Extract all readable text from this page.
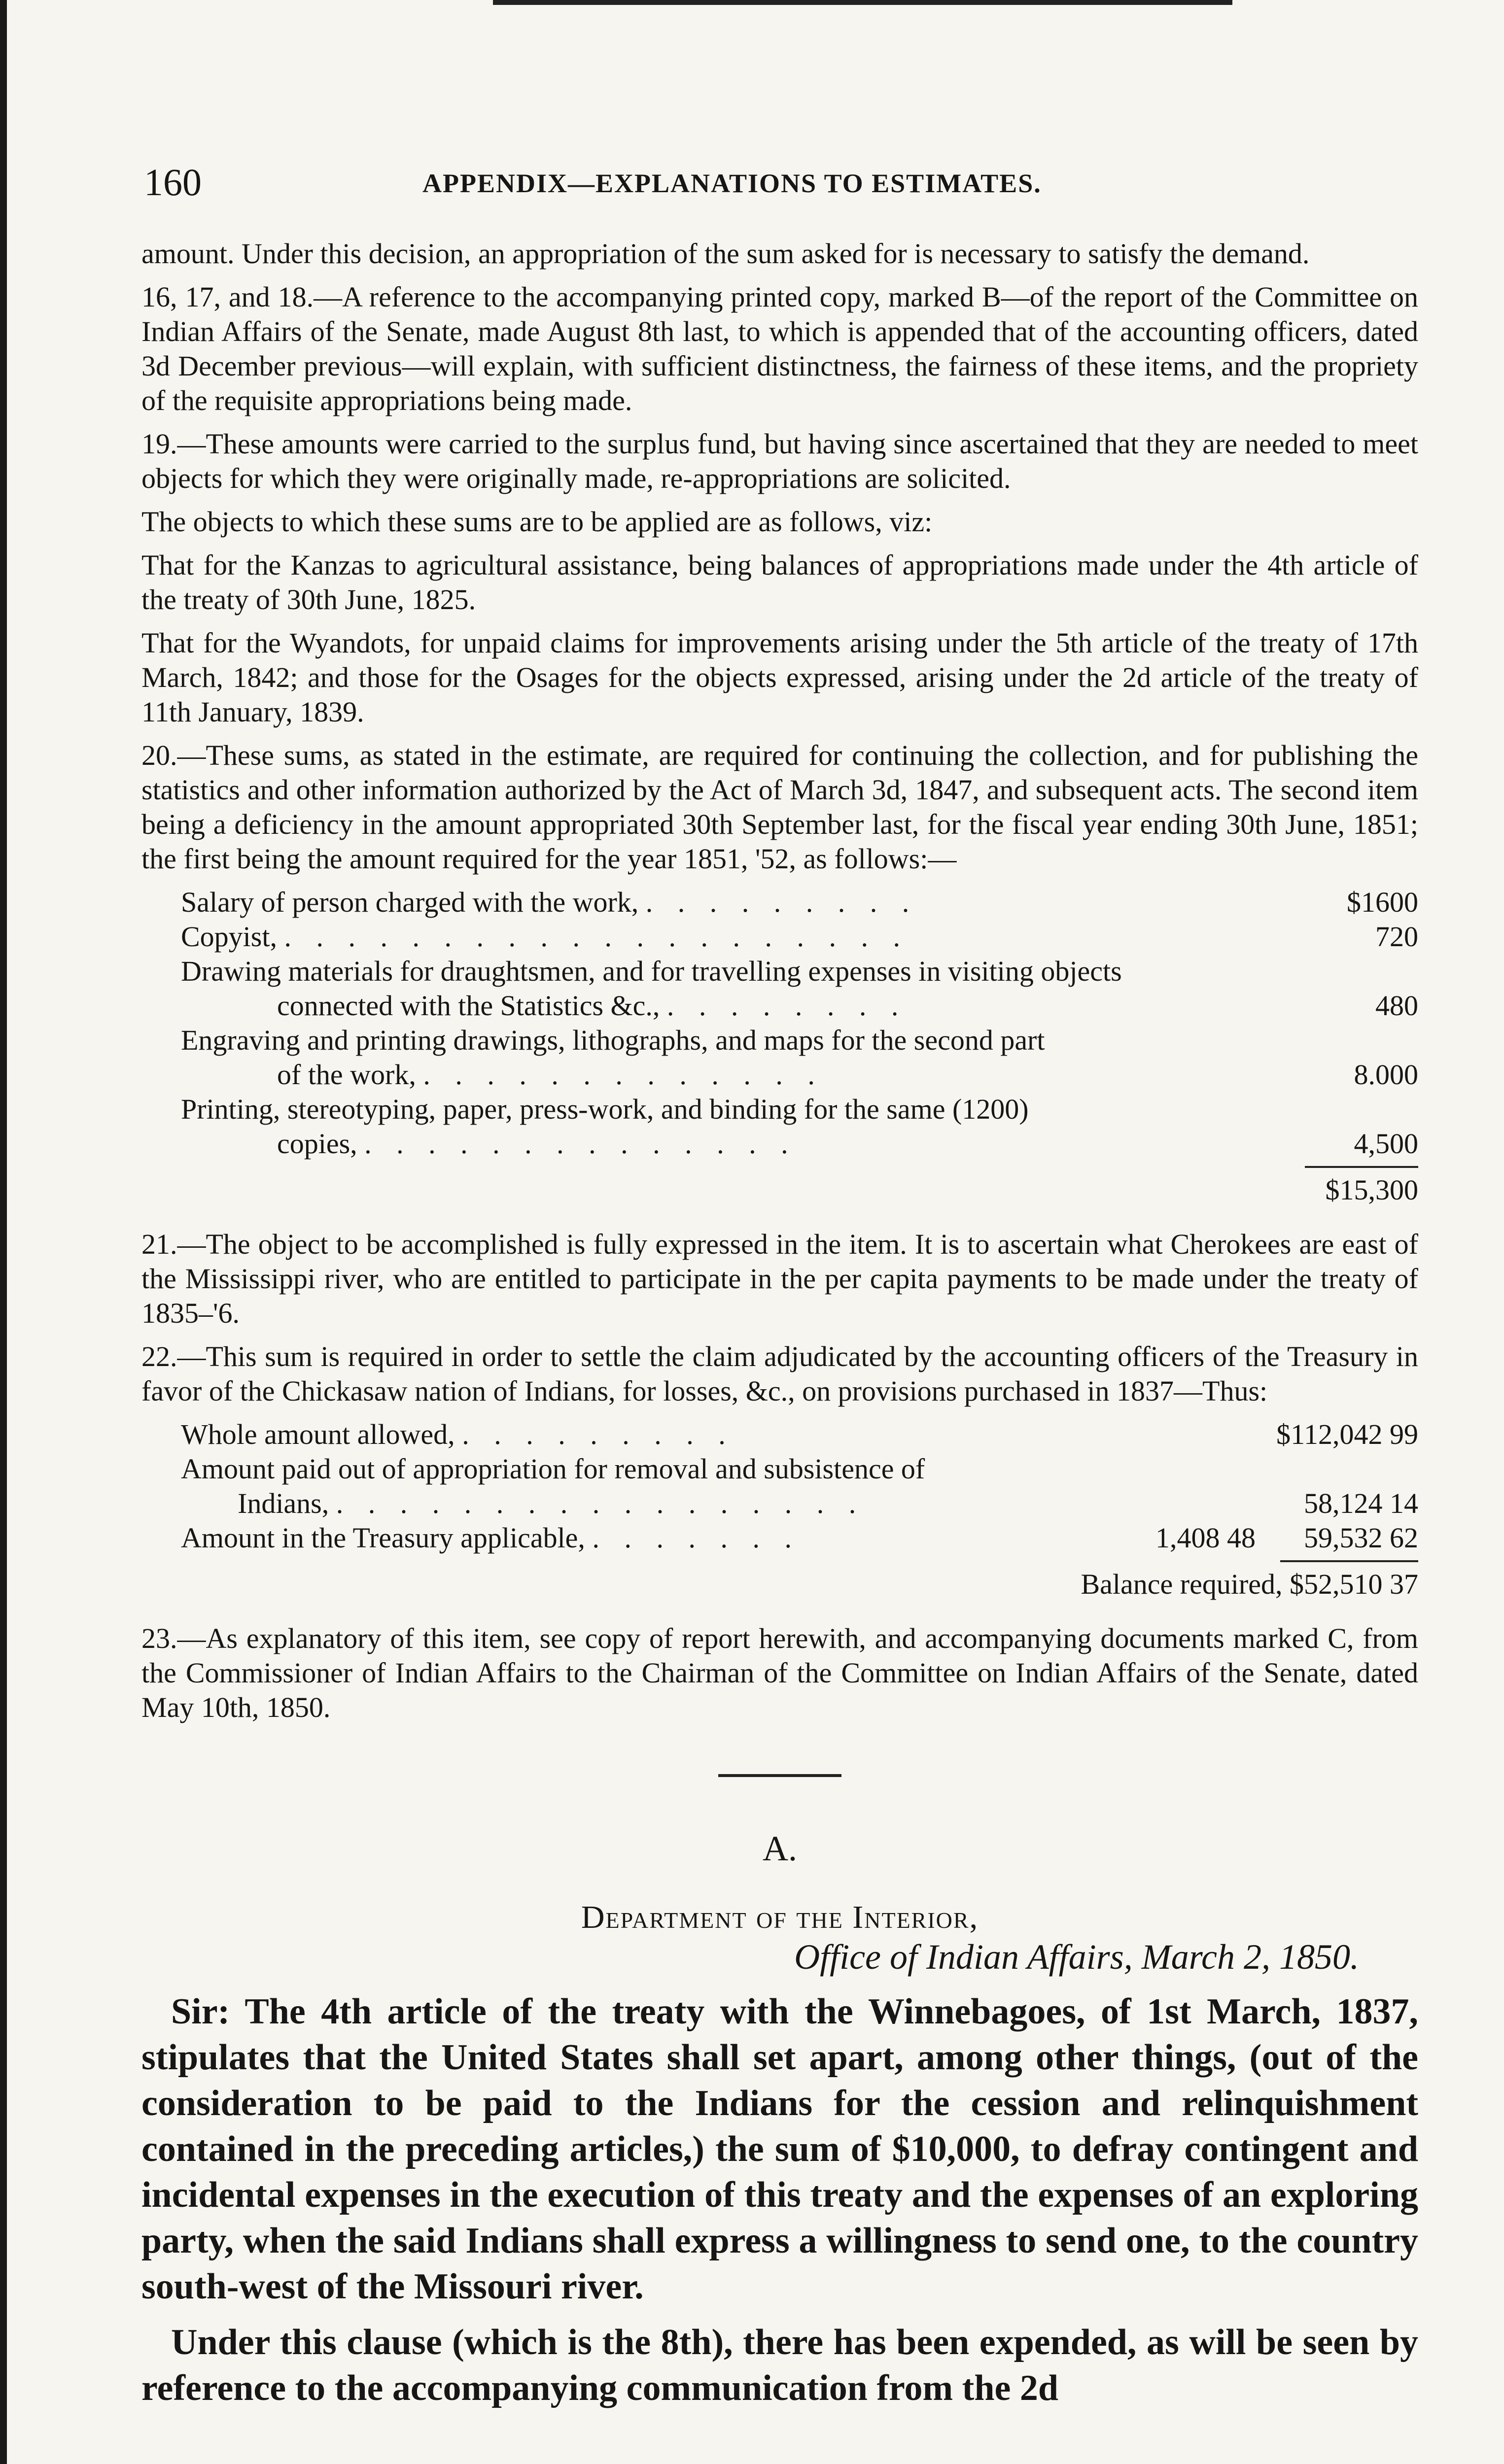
160	APPENDIX—EXPLANATIONS TO ESTIMATES.

amount. Under this decision, an appropriation of the sum asked for is necessary to satisfy the demand.

16, 17, and 18.—A reference to the accompanying printed copy, marked B—of the report of the Committee on Indian Affairs of the Senate, made August 8th last, to which is appended that of the accounting officers, dated 3d December previous—will explain, with sufficient distinctness, the fairness of these items, and the propriety of the requisite appropriations being made.

19.—These amounts were carried to the surplus fund, but having since ascertained that they are needed to meet objects for which they were originally made, re-appropriations are solicited.

The objects to which these sums are to be applied are as follows, viz:

That for the Kanzas to agricultural assistance, being balances of appropriations made under the 4th article of the treaty of 30th June, 1825.

That for the Wyandots, for unpaid claims for improvements arising under the 5th article of the treaty of 17th March, 1842; and those for the Osages for the objects expressed, arising under the 2d article of the treaty of 11th January, 1839.

20.—These sums, as stated in the estimate, are required for continuing the collection, and for publishing the statistics and other information authorized by the Act of March 3d, 1847, and subsequent acts. The second item being a deficiency in the amount appropriated 30th September last, for the fiscal year ending 30th June, 1851; the first being the amount required for the year 1851, '52, as follows:—

Salary of person charged with the work, . . . . . . . . .	$1600
Copyist, . . . . . . . . . . . . . . . . . . . .	720
Drawing materials for draughtsmen, and for travelling expenses in visiting objects
connected with the Statistics &c., . . . . . . . .	480
Engraving and printing drawings, lithographs, and maps for the second part
of the work, . . . . . . . . . . . . .	8.000
Printing, stereotyping, paper, press-work, and binding for the same (1200)
copies, . . . . . . . . . . . . . .	4,500
$15,300

21.—The object to be accomplished is fully expressed in the item. It is to ascertain what Cherokees are east of the Mississippi river, who are entitled to participate in the per capita payments to be made under the treaty of 1835–'6.

22.—This sum is required in order to settle the claim adjudicated by the accounting officers of the Treasury in favor of the Chickasaw nation of Indians, for losses, &c., on provisions purchased in 1837—Thus:

Whole amount allowed, . . . . . . . . .	$112,042 99
Amount paid out of appropriation for removal and subsistence of
Indians, . . . . . . . . . . . . . . . . .	58,124 14
Amount in the Treasury applicable, . . . . . . .	1,408 48	59,532 62
Balance required, $52,510 37

23.—As explanatory of this item, see copy of report herewith, and accompanying documents marked C, from the Commissioner of Indian Affairs to the Chairman of the Committee on Indian Affairs of the Senate, dated May 10th, 1850.

A.
Department of the Interior,
Office of Indian Affairs, March 2, 1850.

Sir: The 4th article of the treaty with the Winnebagoes, of 1st March, 1837, stipulates that the United States shall set apart, among other things, (out of the consideration to be paid to the Indians for the cession and relinquishment contained in the preceding articles,) the sum of $10,000, to defray contingent and incidental expenses in the execution of this treaty and the expenses of an exploring party, when the said Indians shall express a willingness to send one, to the country south-west of the Missouri river.

Under this clause (which is the 8th), there has been expended, as will be seen by reference to the accompanying communication from the 2d
